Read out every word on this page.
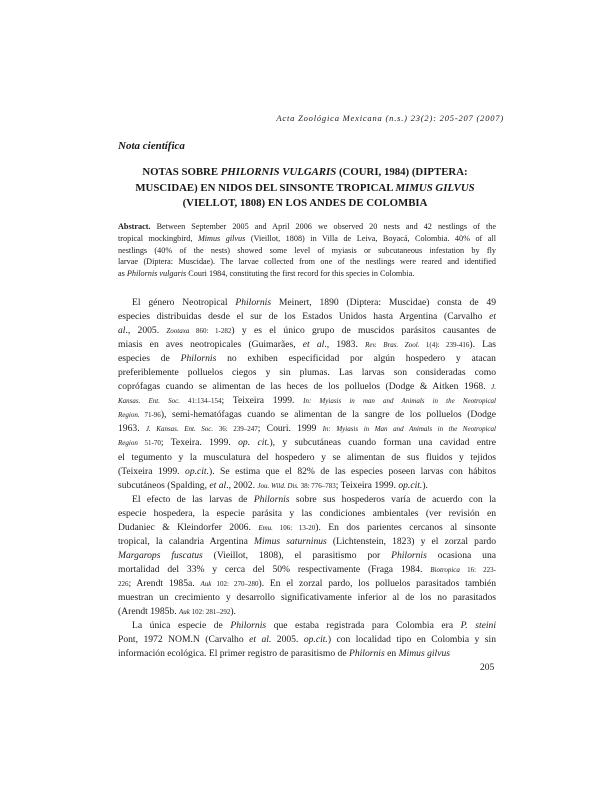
Acta Zoológica Mexicana (n.s.) 23(2): 205-207 (2007)
Nota científica
NOTAS SOBRE PHILORNIS VULGARIS (COURI, 1984) (DIPTERA:
MUSCIDAE) EN NIDOS DEL SINSONTE TROPICAL MIMUS GILVUS
(VIELLOT, 1808) EN LOS ANDES DE COLOMBIA
Abstract. Between September 2005 and April 2006 we observed 20 nests and 42 nestlings of the
tropical mockingbird, Mimus gilvus (Vieillot, 1808) in Villa de Leiva, Boyacá, Colombia. 40% of all
nestlings (40% of the nests) showed some level of myiasis or subcutaneous infestation by fly
larvae (Diptera: Muscidae). The larvae collected from one of the nestlings were reared and identified
as Philornis vulgaris Couri 1984, constituting the first record for this species in Colombia.
El género Neotropical Philornis Meinert, 1890 (Diptera: Muscidae) consta de 49
especies distribuidas desde el sur de los Estados Unidos hasta Argentina (Carvalho et
al., 2005. Zootaxa 860: 1-282) y es el único grupo de muscidos parásitos causantes de
miasis en aves neotropicales (Guimarães, et al., 1983. Rev. Bras. Zool. 1(4): 239-416). Las
especies de Philornis no exhiben especificidad por algún hospedero y atacan
preferiblemente polluelos ciegos y sin plumas. Las larvas son consideradas como
coprófagas cuando se alimentan de las heces de los polluelos (Dodge & Aitken 1968. J.
Kansas. Ent. Soc. 41:134–154; Teixeira 1999. In: Myiasis in man and Animals in the Neotropical
Region. 71-96), semi-hematófagas cuando se alimentan de la sangre de los polluelos (Dodge
1963. J. Kansas. Ent. Soc. 36: 239–247; Couri. 1999 In: Myiasis in Man and Animals in the Neotropical
Region 51-70; Texeira. 1999. op. cit.), y subcutáneas cuando forman una cavidad entre
el tegumento y la musculatura del hospedero y se alimentan de sus fluidos y tejidos
(Teixeira 1999. op.cit.). Se estima que el 82% de las especies poseen larvas con hábitos
subcutáneos (Spalding, et al., 2002. Jou. Wild. Dis. 38: 776–783; Teixeira 1999. op.cit.).
El efecto de las larvas de Philornis sobre sus hospederos varía de acuerdo con la
especie hospedera, la especie parásita y las condiciones ambientales (ver revisión en
Dudaniec & Kleindorfer 2006. Emu. 106: 13-20). En dos parientes cercanos al sinsonte
tropical, la calandria Argentina Mimus saturninus (Lichtenstein, 1823) y el zorzal pardo
Margarops fuscatus (Vieillot, 1808), el parasitismo por Philornis ocasiona una
mortalidad del 33% y cerca del 50% respectivamente (Fraga 1984. Biotropica 16: 223-
226; Arendt 1985a. Auk 102: 270–280). En el zorzal pardo, los polluelos parasitados también
muestran un crecimiento y desarrollo significativamente inferior al de los no parasitados
(Arendt 1985b. Auk 102: 281–292).
La única especie de Philornis que estaba registrada para Colombia era P. steini
Pont, 1972 NOM.N (Carvalho et al. 2005. op.cit.) con localidad tipo en Colombia y sin
información ecológica. El primer registro de parasitismo de Philornis en Mimus gilvus
205
